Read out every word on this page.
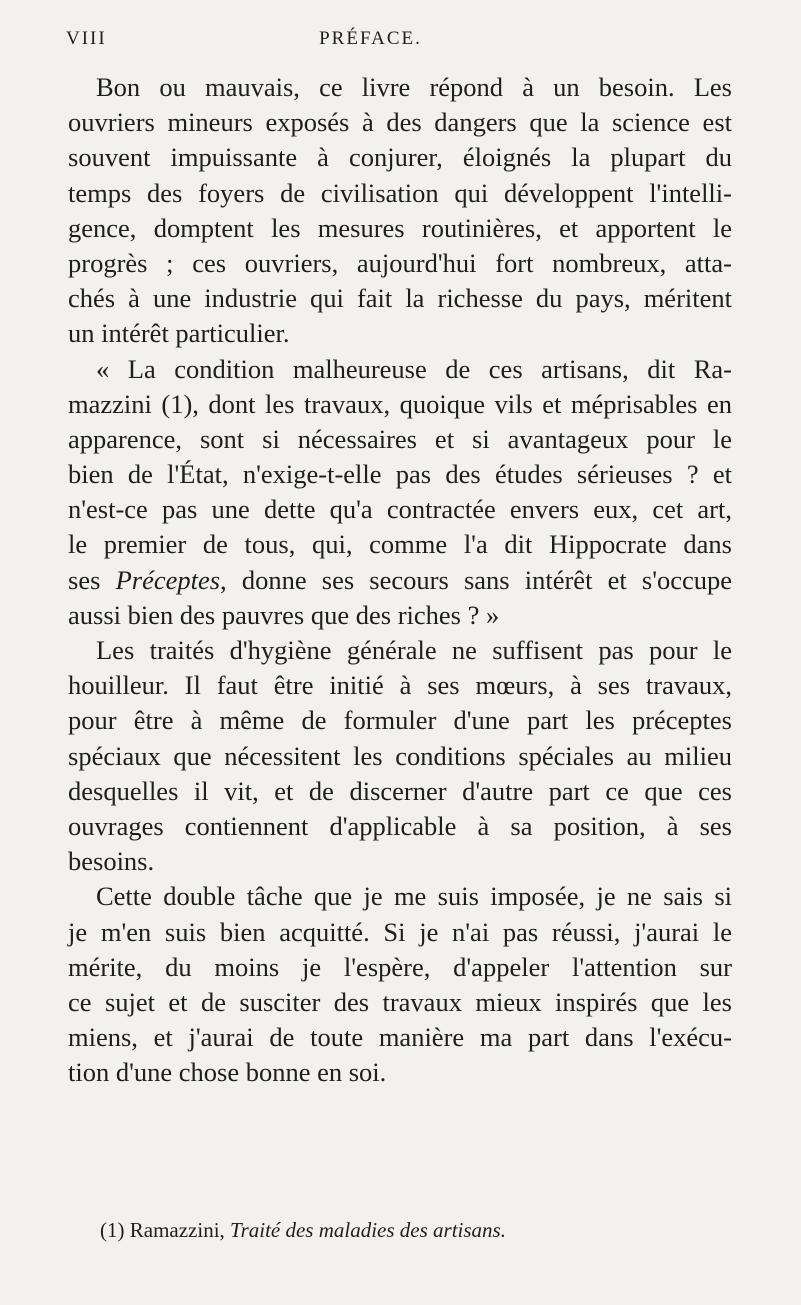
VIII	PRÉFACE.
Bon ou mauvais, ce livre répond à un besoin. Les
ouvriers mineurs exposés à des dangers que la science est
souvent impuissante à conjurer, éloignés la plupart du
temps des foyers de civilisation qui développent l'intelli-
gence, domptent les mesures routinières, et apportent le
progrès ; ces ouvriers, aujourd'hui fort nombreux, atta-
chés à une industrie qui fait la richesse du pays, méritent
un intérêt particulier.
« La condition malheureuse de ces artisans, dit Ra-
mazzini (1), dont les travaux, quoique vils et méprisables en
apparence, sont si nécessaires et si avantageux pour le
bien de l'État, n'exige-t-elle pas des études sérieuses ? et
n'est-ce pas une dette qu'a contractée envers eux, cet art,
le premier de tous, qui, comme l'a dit Hippocrate dans
ses Préceptes, donne ses secours sans intérêt et s'occupe
aussi bien des pauvres que des riches ? »
Les traités d'hygiène générale ne suffisent pas pour le
houilleur. Il faut être initié à ses mœurs, à ses travaux,
pour être à même de formuler d'une part les préceptes
spéciaux que nécessitent les conditions spéciales au milieu
desquelles il vit, et de discerner d'autre part ce que ces
ouvrages contiennent d'applicable à sa position, à ses
besoins.
Cette double tâche que je me suis imposée, je ne sais si
je m'en suis bien acquitté. Si je n'ai pas réussi, j'aurai le
mérite, du moins je l'espère, d'appeler l'attention sur
ce sujet et de susciter des travaux mieux inspirés que les
miens, et j'aurai de toute manière ma part dans l'exécu-
tion d'une chose bonne en soi.
(1) Ramazzini, Traité des maladies des artisans.
